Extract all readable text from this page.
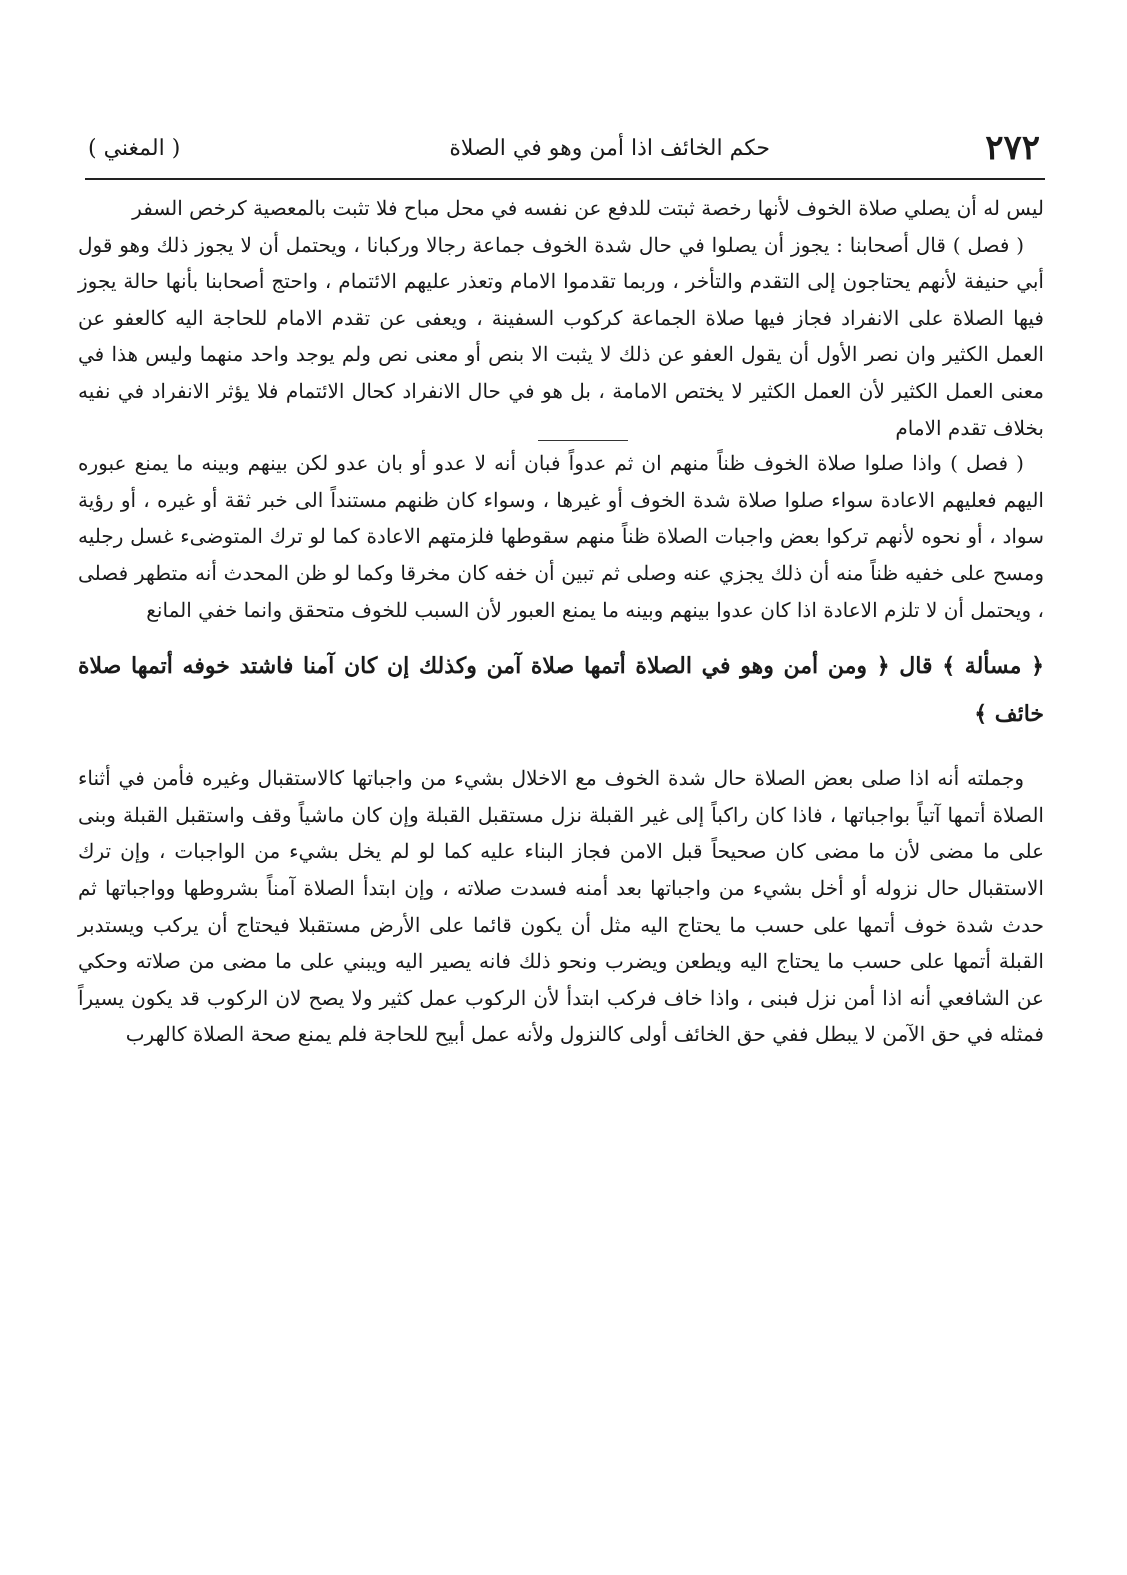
٢٧٢
حكم الخائف اذا أمن وهو في الصلاة
( المغني )

ليس له أن يصلي صلاة الخوف لأنها رخصة ثبتت للدفع عن نفسه في محل مباح فلا تثبت بالمعصية كرخص السفر

( فصل ) قال أصحابنا : يجوز أن يصلوا في حال شدة الخوف جماعة رجالا وركبانا ، ويحتمل أن لا يجوز ذلك وهو قول أبي حنيفة لأنهم يحتاجون إلى التقدم والتأخر ، وربما تقدموا الامام وتعذر عليهم الائتمام ، واحتج أصحابنا بأنها حالة يجوز فيها الصلاة على الانفراد فجاز فيها صلاة الجماعة كركوب السفينة ، ويعفى عن تقدم الامام للحاجة اليه كالعفو عن العمل الكثير وان نصر الأول أن يقول العفو عن ذلك لا يثبت الا بنص أو معنى نص ولم يوجد واحد منهما وليس هذا في معنى العمل الكثير لأن العمل الكثير لا يختص الامامة ، بل هو في حال الانفراد كحال الائتمام فلا يؤثر الانفراد في نفيه بخلاف تقدم الامام

( فصل ) واذا صلوا صلاة الخوف ظناً منهم ان ثم عدواً فبان أنه لا عدو أو بان عدو لكن بينهم وبينه ما يمنع عبوره اليهم فعليهم الاعادة سواء صلوا صلاة شدة الخوف أو غيرها ، وسواء كان ظنهم مستنداً الى خبر ثقة أو غيره ، أو رؤية سواد ، أو نحوه لأنهم تركوا بعض واجبات الصلاة ظناً منهم سقوطها فلزمتهم الاعادة كما لو ترك المتوضىء غسل رجليه ومسح على خفيه ظناً منه أن ذلك يجزي عنه وصلى ثم تبين أن خفه كان مخرقا وكما لو ظن المحدث أنه متطهر فصلى ، ويحتمل أن لا تلزم الاعادة اذا كان عدوا بينهم وبينه ما يمنع العبور لأن السبب للخوف متحقق وانما خفي المانع

﴿ مسألة ﴾ قال ﴿ ومن أمن وهو في الصلاة أتمها صلاة آمن وكذلك إن كان آمنا فاشتد خوفه أتمها صلاة خائف ﴾

وجملته أنه اذا صلى بعض الصلاة حال شدة الخوف مع الاخلال بشيء من واجباتها كالاستقبال وغيره فأمن في أثناء الصلاة أتمها آتياً بواجباتها ، فاذا كان راكباً إلى غير القبلة نزل مستقبل القبلة وإن كان ماشياً وقف واستقبل القبلة وبنى على ما مضى لأن ما مضى كان صحيحاً قبل الامن فجاز البناء عليه كما لو لم يخل بشيء من الواجبات ، وإن ترك الاستقبال حال نزوله أو أخل بشيء من واجباتها بعد أمنه فسدت صلاته ، وإن ابتدأ الصلاة آمناً بشروطها وواجباتها ثم حدث شدة خوف أتمها على حسب ما يحتاج اليه مثل أن يكون قائما على الأرض مستقبلا فيحتاج أن يركب ويستدبر القبلة أتمها على حسب ما يحتاج اليه ويطعن ويضرب ونحو ذلك فانه يصير اليه ويبني على ما مضى من صلاته وحكي عن الشافعي أنه اذا أمن نزل فبنى ، واذا خاف فركب ابتدأ لأن الركوب عمل كثير ولا يصح لان الركوب قد يكون يسيراً فمثله في حق الآمن لا يبطل ففي حق الخائف أولى كالنزول ولأنه عمل أبيح للحاجة فلم يمنع صحة الصلاة كالهرب
